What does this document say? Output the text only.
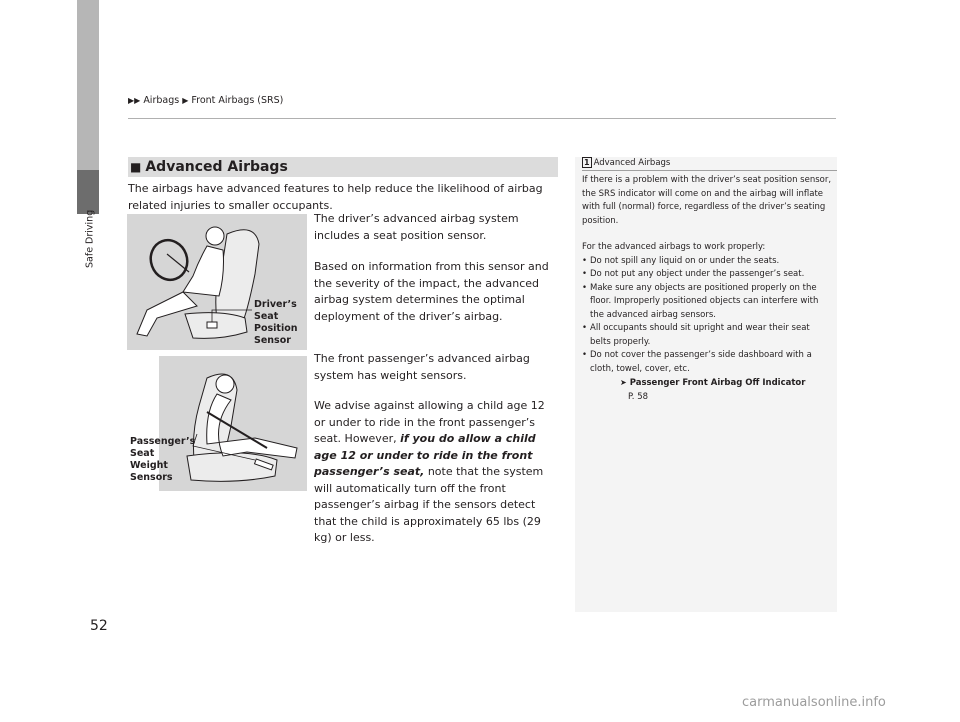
Safe Driving
▶▶ Airbags ▶ Front Airbags (SRS)
■ Advanced Airbags
The airbags have advanced features to help reduce the likelihood of airbag related injuries to smaller occupants.
The driver’s advanced airbag system includes a seat position sensor.
Based on information from this sensor and the severity of the impact, the advanced airbag system determines the optimal deployment of the driver’s airbag.
The front passenger’s advanced airbag system has weight sensors.
We advise against allowing a child age 12 or under to ride in the front passenger’s seat. However, if you do allow a child age 12 or under to ride in the front passenger’s seat, note that the system will automatically turn off the front passenger’s airbag if the sensors detect that the child is approximately 65 lbs (29 kg) or less.
Driver’s
Seat
Position
Sensor
Passenger’s
Seat
Weight
Sensors
1 Advanced Airbags

If there is a problem with the driver’s seat position sensor, the SRS indicator will come on and the airbag will inflate with full (normal) force, regardless of the driver’s seating position.

For the advanced airbags to work properly:

• Do not spill any liquid on or under the seats.
• Do not put any object under the passenger’s seat.
• Make sure any objects are positioned properly on the floor. Improperly positioned objects can interfere with the advanced airbag sensors.
• All occupants should sit upright and wear their seat belts properly.
• Do not cover the passenger’s side dashboard with a cloth, towel, cover, etc.
➤ Passenger Front Airbag Off Indicator
P. 58
52
carmanualsonline.info
